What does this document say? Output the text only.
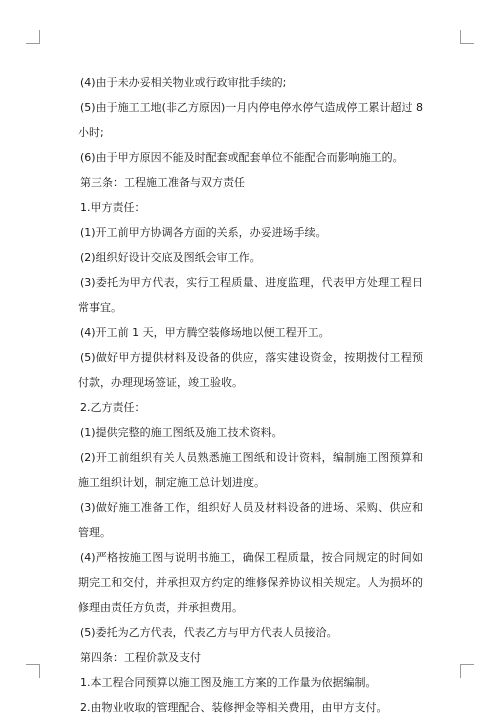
(4)由于未办妥相关物业或行政审批手续的;

(5)由于施工工地(非乙方原因)一月内停电停水停气造成停工累计超过 8 小时;

(6)由于甲方原因不能及时配套或配套单位不能配合而影响施工的。

第三条：工程施工准备与双方责任

1.甲方责任：

(1)开工前甲方协调各方面的关系，办妥进场手续。

(2)组织好设计交底及图纸会审工作。

(3)委托为甲方代表，实行工程质量、进度监理，代表甲方处理工程日常事宜。

(4)开工前 1 天，甲方腾空装修场地以便工程开工。

(5)做好甲方提供材料及设备的供应，落实建设资金，按期拨付工程预付款，办理现场签证，竣工验收。

2.乙方责任：

(1)提供完整的施工图纸及施工技术资料。

(2)开工前组织有关人员熟悉施工图纸和设计资料，编制施工图预算和施工组织计划，制定施工总计划进度。

(3)做好施工准备工作，组织好人员及材料设备的进场、采购、供应和管理。

(4)严格按施工图与说明书施工，确保工程质量，按合同规定的时间如期完工和交付，并承担双方约定的维修保养协议相关规定。人为损坏的修理由责任方负责，并承担费用。

(5)委托为乙方代表，代表乙方与甲方代表人员接洽。

第四条：工程价款及支付

1.本工程合同预算以施工图及施工方案的工作量为依据编制。

2.由物业收取的管理配合、装修押金等相关费用，由甲方支付。
